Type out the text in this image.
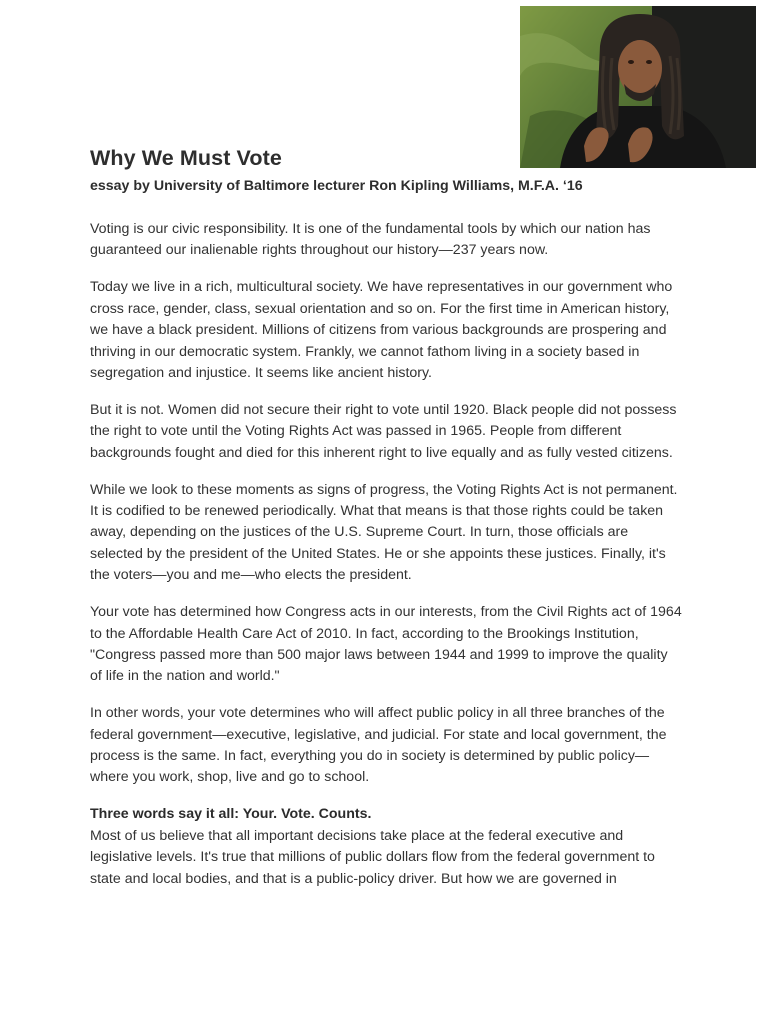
Why We Must Vote

essay by University of Baltimore lecturer Ron Kipling Williams, M.F.A. ‘16

Voting is our civic responsibility. It is one of the fundamental tools by which our nation has guaranteed our inalienable rights throughout our history—237 years now.

Today we live in a rich, multicultural society. We have representatives in our government who cross race, gender, class, sexual orientation and so on. For the first time in American history, we have a black president. Millions of citizens from various backgrounds are prospering and thriving in our democratic system. Frankly, we cannot fathom living in a society based in segregation and injustice. It seems like ancient history.

But it is not. Women did not secure their right to vote until 1920. Black people did not possess the right to vote until the Voting Rights Act was passed in 1965. People from different backgrounds fought and died for this inherent right to live equally and as fully vested citizens.

While we look to these moments as signs of progress, the Voting Rights Act is not permanent. It is codified to be renewed periodically. What that means is that those rights could be taken away, depending on the justices of the U.S. Supreme Court. In turn, those officials are selected by the president of the United States. He or she appoints these justices. Finally, it's the voters—you and me—who elects the president.

Your vote has determined how Congress acts in our interests, from the Civil Rights act of 1964 to the Affordable Health Care Act of 2010. In fact, according to the Brookings Institution, "Congress passed more than 500 major laws between 1944 and 1999 to improve the quality of life in the nation and world."

In other words, your vote determines who will affect public policy in all three branches of the federal government—executive, legislative, and judicial. For state and local government, the process is the same. In fact, everything you do in society is determined by public policy—where you work, shop, live and go to school.

Three words say it all: Your. Vote. Counts.

Most of us believe that all important decisions take place at the federal executive and legislative levels. It's true that millions of public dollars flow from the federal government to state and local bodies, and that is a public-policy driver. But how we are governed in
